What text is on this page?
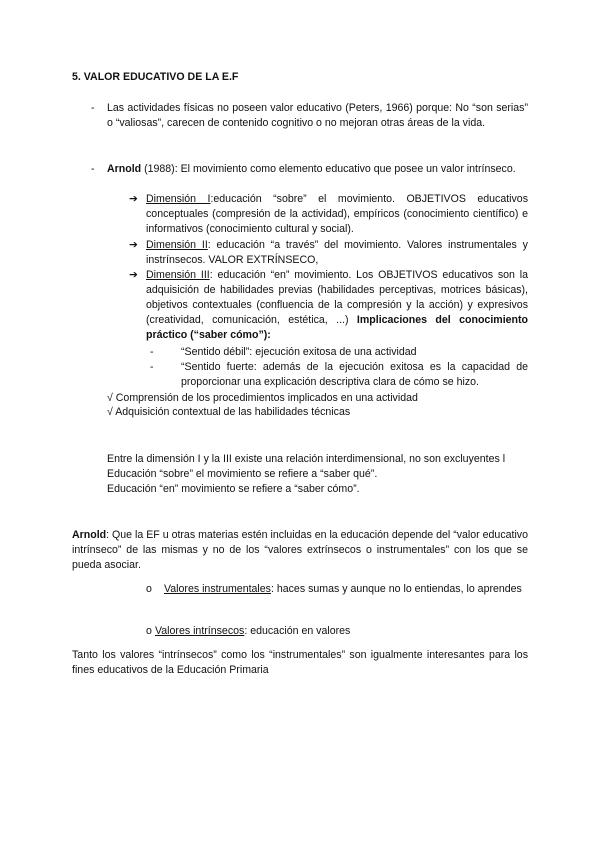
5. VALOR EDUCATIVO DE LA E.F
- Las actividades físicas no poseen valor educativo (Peters, 1966) porque: No “son serias” o “valiosas”, carecen de contenido cognitivo o no mejoran otras áreas de la vida.
- Arnold (1988): El movimiento como elemento educativo que posee un valor intrínseco.
➔ Dimensión I:educación “sobre” el movimiento. OBJETIVOS educativos conceptuales (compresión de la actividad), empíricos (conocimiento científico) e informativos (conocimiento cultural y social).
➔ Dimensión II: educación “a través” del movimiento. Valores instrumentales y instrínsecos. VALOR EXTRÍNSECO,
➔ Dimensión III: educación “en” movimiento. Los OBJETIVOS educativos son la adquisición de habilidades previas (habilidades perceptivas, motrices básicas), objetivos contextuales (confluencia de la compresión y la acción) y expresivos (creatividad, comunicación, estética, ...) Implicaciones del conocimiento práctico (“saber cómo”):
-	“Sentido débil”: ejecución exitosa de una actividad
-	“Sentido fuerte: además de la ejecución exitosa es la capacidad de proporcionar una explicación descriptiva clara de cómo se hizo.
√ Comprensión de los procedimientos implicados en una actividad
√ Adquisición contextual de las habilidades técnicas
Entre la dimensión I y la III existe una relación interdimensional, no son excluyentes l
Educación “sobre” el movimiento se refiere a “saber qué”.
Educación “en” movimiento se refiere a “saber cómo”.
Arnold: Que la EF u otras materias estén incluidas en la educación depende del “valor educativo intrínseco” de las mismas y no de los “valores extrínsecos o instrumentales” con los que se pueda asociar.
o Valores instrumentales: haces sumas y aunque no lo entiendas, lo aprendes
o Valores intrínsecos: educación en valores
Tanto los valores “intrínsecos” como los “instrumentales” son igualmente interesantes para los fines educativos de la Educación Primaria
